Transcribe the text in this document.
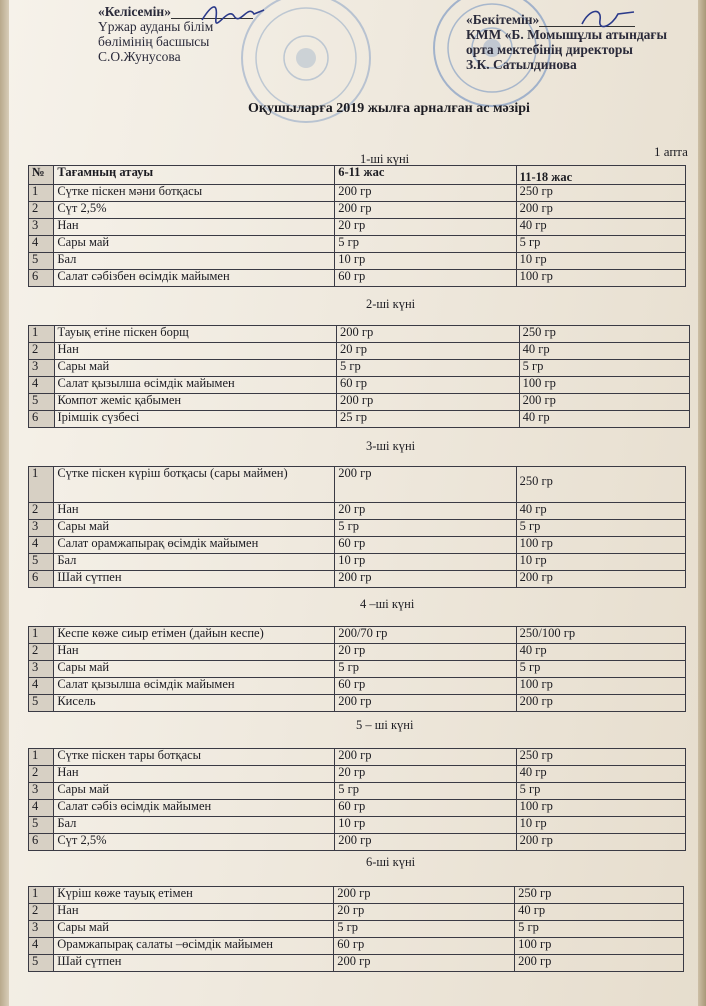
«Келісемін»
Үржар ауданы білім
бөлімінің басшысы
С.О.Жунусова
«Бекітемін»
КММ «Б. Момышұлы атындағы
орта мектебінің директоры
З.К. Сатылдинова
Оқушыларға 2019 жылға арналған ас мәзірі
1 апта
1-ші күні
№	Тағамның атауы	6-11 жас	11-18 жас
1	Сүтке піскен мәни ботқасы	200 гр	250 гр
2	Сүт 2,5%	200 гр	200 гр
3	Нан	20 гр	40 гр
4	Сары май	5 гр	5 гр
5	Бал	10 гр	10 гр
6	Салат сәбізбен өсімдік майымен	60 гр	100 гр
2-ші күні
1	Тауық етіне піскен борщ	200 гр	250 гр
2	Нан	20 гр	40 гр
3	Сары май	5 гр	5 гр
4	Салат қызылша өсімдік майымен	60 гр	100 гр
5	Компот жеміс қабымен	200 гр	200 гр
6	Ірімшік сүзбесі	25 гр	40 гр
3-ші күні
1	Сүтке піскен күріш ботқасы (сары маймен)	200 гр	250 гр
2	Нан	20 гр	40 гр
3	Сары май	5 гр	5 гр
4	Салат орамжапырақ өсімдік майымен	60 гр	100 гр
5	Бал	10 гр	10 гр
6	Шай сүтпен	200 гр	200 гр
4 –ші күні
1	Кеспе көже сиыр етімен (дайын кеспе)	200/70 гр	250/100 гр
2	Нан	20 гр	40 гр
3	Сары май	5 гр	5 гр
4	Салат қызылша өсімдік майымен	60 гр	100 гр
5	Кисель	200 гр	200 гр
5 – ші күні
1	Сүтке піскен тары ботқасы	200 гр	250 гр
2	Нан	20 гр	40 гр
3	Сары май	5 гр	5 гр
4	Салат сәбіз өсімдік майымен	60 гр	100 гр
5	Бал	10 гр	10 гр
6	Сүт 2,5%	200 гр	200 гр
6-ші күні
1	Күріш көже тауық етімен	200 гр	250 гр
2	Нан	20 гр	40 гр
3	Сары май	5 гр	5 гр
4	Орамжапырақ салаты –өсімдік майымен	60 гр	100 гр
5	Шай сүтпен	200 гр	200 гр
